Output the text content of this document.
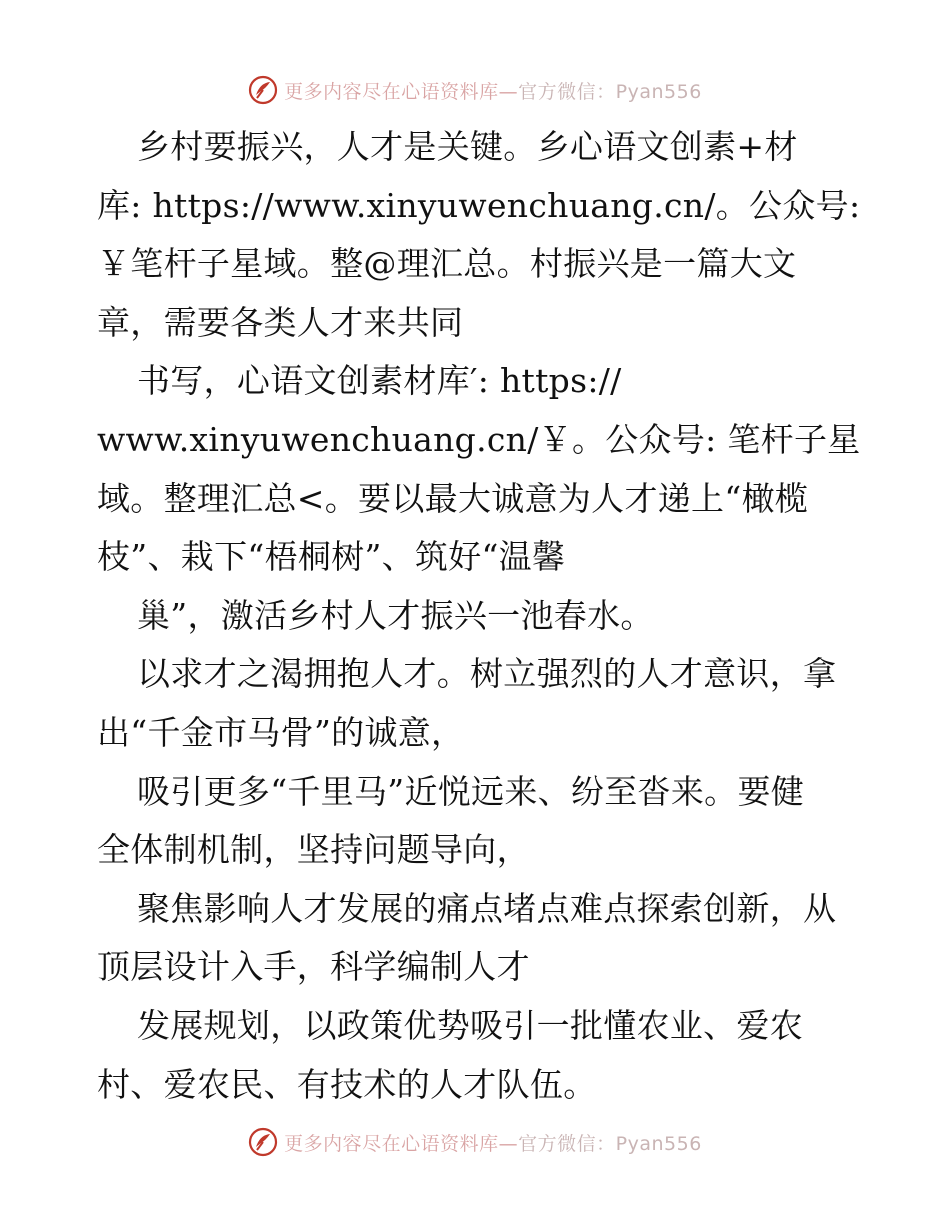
更多内容尽在心语资料库—官方微信：Pyan556
乡村要振兴，人才是关键。乡心语文创素+材
库: https://www.xinyuwenchuang.cn/。公众号:
￥笔杆子星域。整@理汇总。村振兴是一篇大文
章，需要各类人才来共同
书写，心语文创素材库′: https://
www.xinyuwenchuang.cn/￥。公众号: 笔杆子星
域。整理汇总<。要以最大诚意为人才递上“橄榄
枝”、栽下“梧桐树”、筑好“温馨
巢”，激活乡村人才振兴一池春水。
以求才之渴拥抱人才。树立强烈的人才意识，拿
出“千金市马骨”的诚意，
吸引更多“千里马”近悦远来、纷至沓来。要健
全体制机制，坚持问题导向，
聚焦影响人才发展的痛点堵点难点探索创新，从
顶层设计入手，科学编制人才
发展规划，以政策优势吸引一批懂农业、爱农
村、爱农民、有技术的人才队伍。
更多内容尽在心语资料库—官方微信：Pyan556
